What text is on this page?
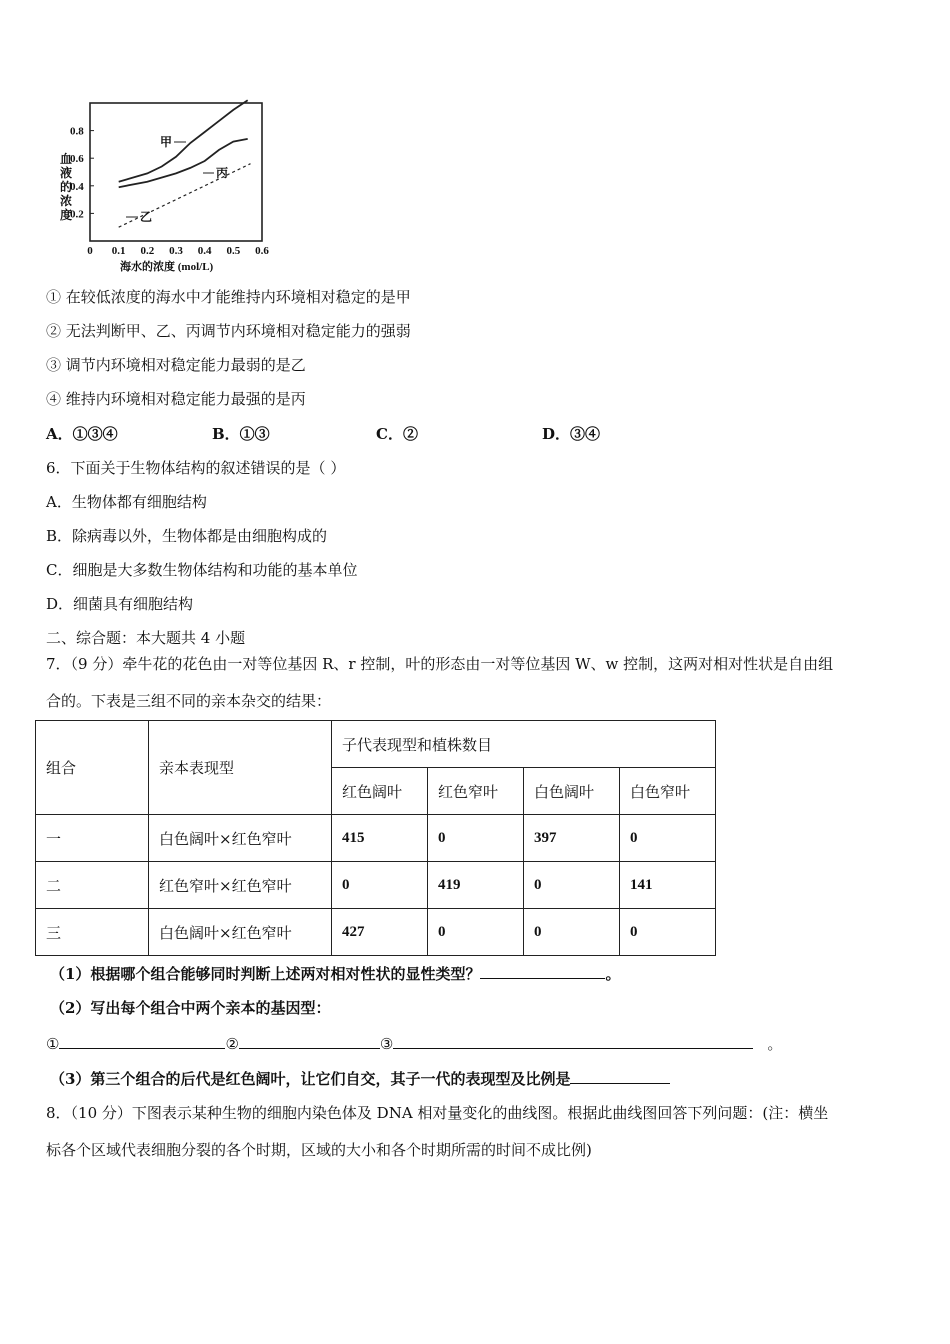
血
液
的
浓
度
0.2
0.4
0.6
0.8
0 0.1 0.2 0.3 0.4 0.5 0.6
甲
丙
乙
海水的浓度 (mol/L)
① 在较低浓度的海水中才能维持内环境相对稳定的是甲
② 无法判断甲、乙、丙调节内环境相对稳定能力的强弱
③ 调节内环境相对稳定能力最弱的是乙
④ 维持内环境相对稳定能力最强的是丙
A．①③④	B．①③	C．②	D．③④
6．下面关于生物体结构的叙述错误的是（ ）
A．生物体都有细胞结构
B．除病毒以外，生物体都是由细胞构成的
C．细胞是大多数生物体结构和功能的基本单位
D．细菌具有细胞结构
二、综合题：本大题共 4 小题
7．（9 分）牵牛花的花色由一对等位基因 R、r 控制，叶的形态由一对等位基因 W、w 控制，这两对相对性状是自由组
合的。下表是三组不同的亲本杂交的结果：
组合	亲本表现型	子代表现型和植株数目			
		红色阔叶	红色窄叶	白色阔叶	白色窄叶
一	白色阔叶×红色窄叶	415	0	397	0
二	红色窄叶×红色窄叶	0	419	0	141
三	白色阔叶×红色窄叶	427	0	0	0
（1）根据哪个组合能够同时判断上述两对相对性状的显性类型？	。
（2）写出每个组合中两个亲本的基因型：
①	②	③	。
（3）第三个组合的后代是红色阔叶，让它们自交，其子一代的表现型及比例是
8．（10 分）下图表示某种生物的细胞内染色体及 DNA 相对量变化的曲线图。根据此曲线图回答下列问题：(注：横坐
标各个区域代表细胞分裂的各个时期，区域的大小和各个时期所需的时间不成比例)
